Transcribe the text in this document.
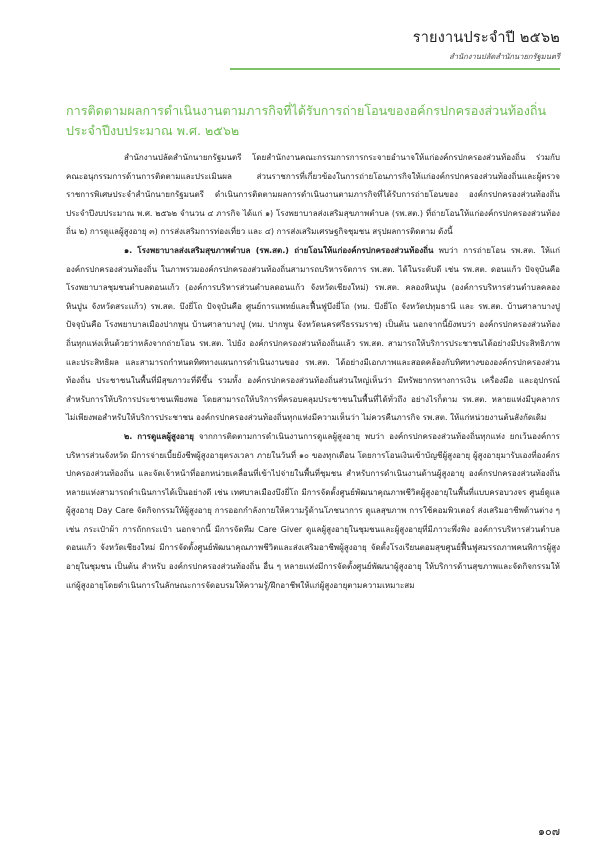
รายงานประจำปี ๒๕๖๒
สำนักงานปลัดสำนักนายกรัฐมนตรี
การติดตามผลการดำเนินงานตามภารกิจที่ได้รับการถ่ายโอนของอค์กรปกครองส่วนท้องถิ่น ประจำปีงบประมาณ พ.ศ. ๒๕๖๒

สำนักงานปลัดสำนักนายกรัฐมนตรี โดยสำนักงานคณะกรรมการการกระจายอำนาจให้แก่องค์กรปกครองส่วนท้องถิ่น ร่วมกับคณะอนุกรรมการด้านการติดตามและประเมินผล ส่วนราชการที่เกี่ยวข้องในการถ่ายโอนภารกิจให้แก่องค์กรปกครองส่วนท้องถิ่นและผู้ตรวจราชการพิเศษประจำสำนักนายกรัฐมนตรี ดำเนินการติดตามผลการดำเนินงานตามภารกิจที่ได้รับการถ่ายโอนของ องค์กรปกครองส่วนท้องถิ่น ประจำปีงบประมาณ พ.ศ. ๒๕๖๒ จำนวน ๔ ภารกิจ ได้แก่ ๑) โรงพยาบาลส่งเสริมสุขภาพตำบล (รพ.สต.) ที่ถ่ายโอนให้แก่องค์กรปกครองส่วนท้องถิ่น ๒) การดูแลผู้สูงอายุ ๓) การส่งเสริมการท่องเที่ยว และ ๔) การส่งเสริมเศรษฐกิจชุมชน สรุปผลการติดตาม ดังนี้

๑. โรงพยาบาลส่งเสริมสุขภาพตำบล (รพ.สต.) ถ่ายโอนให้แก่องค์กรปกครองส่วนท้องถิ่น พบว่า การถ่ายโอน รพ.สต. ให้แก่ องค์กรปกครองส่วนท้องถิ่น ในภาพรวมองค์กรปกครองส่วนท้องถิ่นสามารถบริหารจัดการ รพ.สต. ได้ในระดับดี เช่น รพ.สต. ดอนแก้ว ปัจจุบันคือโรงพยาบาลชุมชนตำบลดอนแก้ว (องค์การบริหารส่วนตำบลดอนแก้ว จังหวัดเชียงใหม่) รพ.สต. คลองหินปูน (องค์การบริหารส่วนตำบลคลองหินปูน จังหวัดสระแก้ว) รพ.สต. บึงยี่โถ ปัจจุบันคือ ศูนย์การแพทย์และฟื้นฟูบึงยี่โถ (ทม. บึงยี่โถ จังหวัดปทุมธานี และ รพ.สต. บ้านศาลาบางปู ปัจจุบันคือ โรงพยาบาลเมืองปากพูน บ้านศาลาบางปู (ทม. ปากพูน จังหวัดนครศรีธรรมราช) เป็นต้น นอกจากนี้ยังพบว่า องค์กรปกครองส่วนท้องถิ่นทุกแห่งเห็นด้วยว่าหลังจากถ่ายโอน รพ.สต. ไปยัง องค์กรปกครองส่วนท้องถิ่นแล้ว รพ.สต. สามารถให้บริการประชาชนได้อย่างมีประสิทธิภาพและประสิทธิผล และสามารถกำหนดทิศทางแผนการดำเนินงานของ รพ.สต. ได้อย่างมีเอกภาพและสอดคล้องกับทิศทางขององค์กรปกครองส่วนท้องถิ่น ประชาชนในพื้นที่มีสุขภาวะที่ดีขึ้น รวมทั้ง องค์กรปกครองส่วนท้องถิ่นส่วนใหญ่เห็นว่า มีทรัพยากรทางการเงิน เครื่องมือ และอุปกรณ์สำหรับการให้บริการประชาชนเพียงพอ โดยสามารถให้บริการที่ครอบคลุมประชาชนในพื้นที่ได้ทั่วถึง อย่างไรก็ตาม รพ.สต. หลายแห่งมีบุคลากรไม่เพียงพอสำหรับให้บริการประชาชน องค์กรปกครองส่วนท้องถิ่นทุกแห่งมีความเห็นว่า ไม่ควรคืนภารกิจ รพ.สต. ให้แก่หน่วยงานต้นสังกัดเดิม

๒. การดูแลผู้สูงอายุ จากการติดตามการดำเนินงานการดูแลผู้สูงอายุ พบว่า องค์กรปกครองส่วนท้องถิ่นทุกแห่ง ยกเว้นองค์การบริหารส่วนจังหวัด มีการจ่ายเบี้ยยังชีพผู้สูงอายุตรงเวลา ภายในวันที่ ๑๐ ของทุกเดือน โดยการโอนเงินเข้าบัญชีผู้สูงอายุ ผู้สูงอายุมารับเองที่องค์กรปกครองส่วนท้องถิ่น และจัดเจ้าหน้าที่ออกหน่วยเคลื่อนที่เข้าไปจ่ายในพื้นที่ชุมชน สำหรับการดำเนินงานด้านผู้สูงอายุ องค์กรปกครองส่วนท้องถิ่นหลายแห่งสามารถดำเนินการได้เป็นอย่างดี เช่น เทศบาลเมืองบึงยี่โถ มีการจัดตั้งศูนย์พัฒนาคุณภาพชีวิตผู้สูงอายุในพื้นที่แบบครอบวงจร ศูนย์ดูแลผู้สูงอายุ Day Care จัดกิจกรรมให้ผู้สูงอายุ การออกกำลังกายให้ความรู้ด้านโภชนาการ ดูแลสุขภาพ การใช้คอมพิวเตอร์ ส่งเสริมอาชีพด้านต่าง ๆ เช่น กระเป๋าผ้า การถักกระเป๋า นอกจากนี้ มีการจัดทีม Care Giver ดูแลผู้สูงอายุในชุมชนและผู้สูงอายุที่มีภาวะพึ่งพิง องค์การบริหารส่วนตำบลดอนแก้ว จังหวัดเชียงใหม่ มีการจัดตั้งศูนย์พัฒนาคุณภาพชีวิตและส่งเสริมอาชีพผู้สูงอายุ จัดตั้งโรงเรียนตอมสุขศูนย์ฟื้นฟูสมรรถภาพคนพิการผู้สูงอายุในชุมชน เป็นต้น สำหรับ องค์กรปกครองส่วนท้องถิ่น อื่น ๆ หลายแห่งมีการจัดตั้งศูนย์พัฒนาผู้สูงอายุ ให้บริการด้านสุขภาพและจัดกิจกรรมให้แก่ผู้สูงอายุโดยดำเนินการในลักษณะการจัดอบรมให้ความรู้/ฝึกอาชีพให้แก่ผู้สูงอายุตามความเหมาะสม

๑๐๗
